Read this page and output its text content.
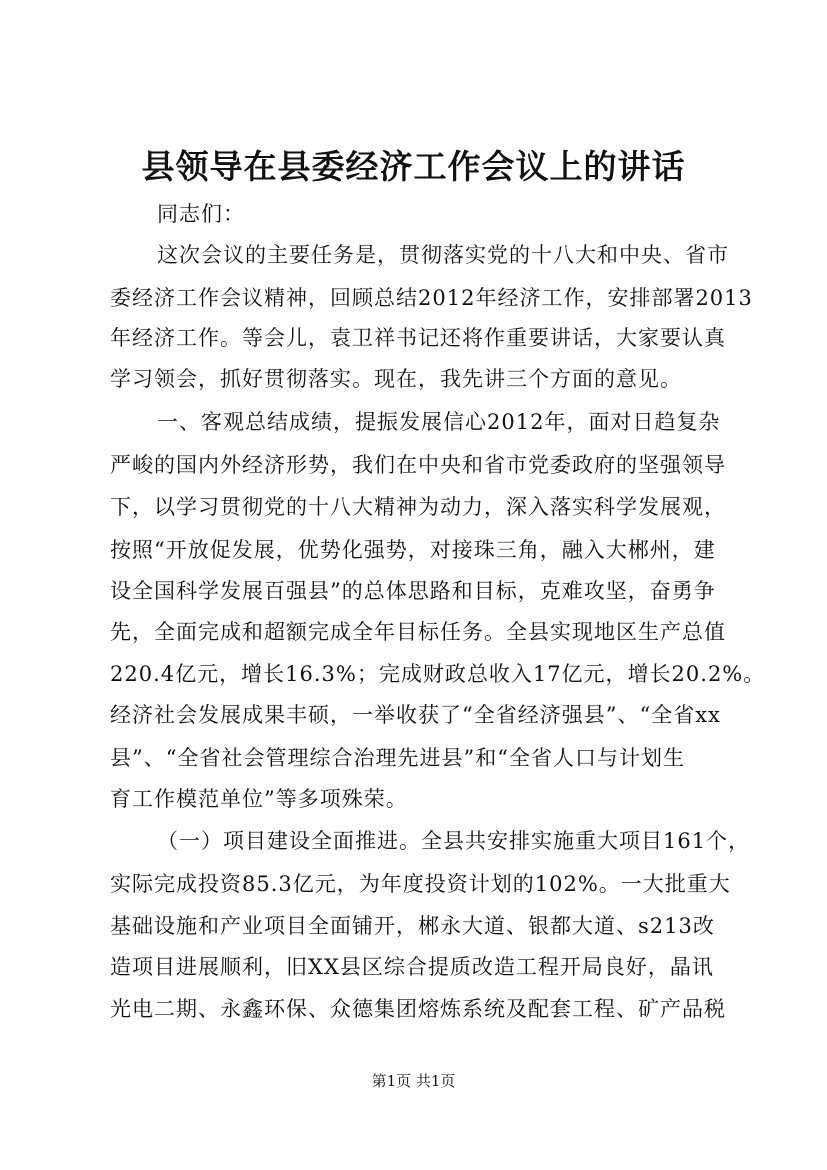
县领导在县委经济工作会议上的讲话
同志们：
这次会议的主要任务是，贯彻落实党的十八大和中央、省市
委经济工作会议精神，回顾总结2012年经济工作，安排部署2013
年经济工作。等会儿，袁卫祥书记还将作重要讲话，大家要认真
学习领会，抓好贯彻落实。现在，我先讲三个方面的意见。
一、客观总结成绩，提振发展信心2012年，面对日趋复杂
严峻的国内外经济形势，我们在中央和省市党委政府的坚强领导
下，以学习贯彻党的十八大精神为动力，深入落实科学发展观，
按照“开放促发展，优势化强势，对接珠三角，融入大郴州，建
设全国科学发展百强县”的总体思路和目标，克难攻坚，奋勇争
先，全面完成和超额完成全年目标任务。全县实现地区生产总值
220.4亿元，增长16.3%；完成财政总收入17亿元，增长20.2%。
经济社会发展成果丰硕，一举收获了“全省经济强县”、“全省xx
县”、“全省社会管理综合治理先进县”和“全省人口与计划生
育工作模范单位”等多项殊荣。
（一）项目建设全面推进。全县共安排实施重大项目161个，
实际完成投资85.3亿元，为年度投资计划的102%。一大批重大
基础设施和产业项目全面铺开，郴永大道、银都大道、s213改
造项目进展顺利，旧XX县区综合提质改造工程开局良好，晶讯
光电二期、永鑫环保、众德集团熔炼系统及配套工程、矿产品税
第1页 共1页
